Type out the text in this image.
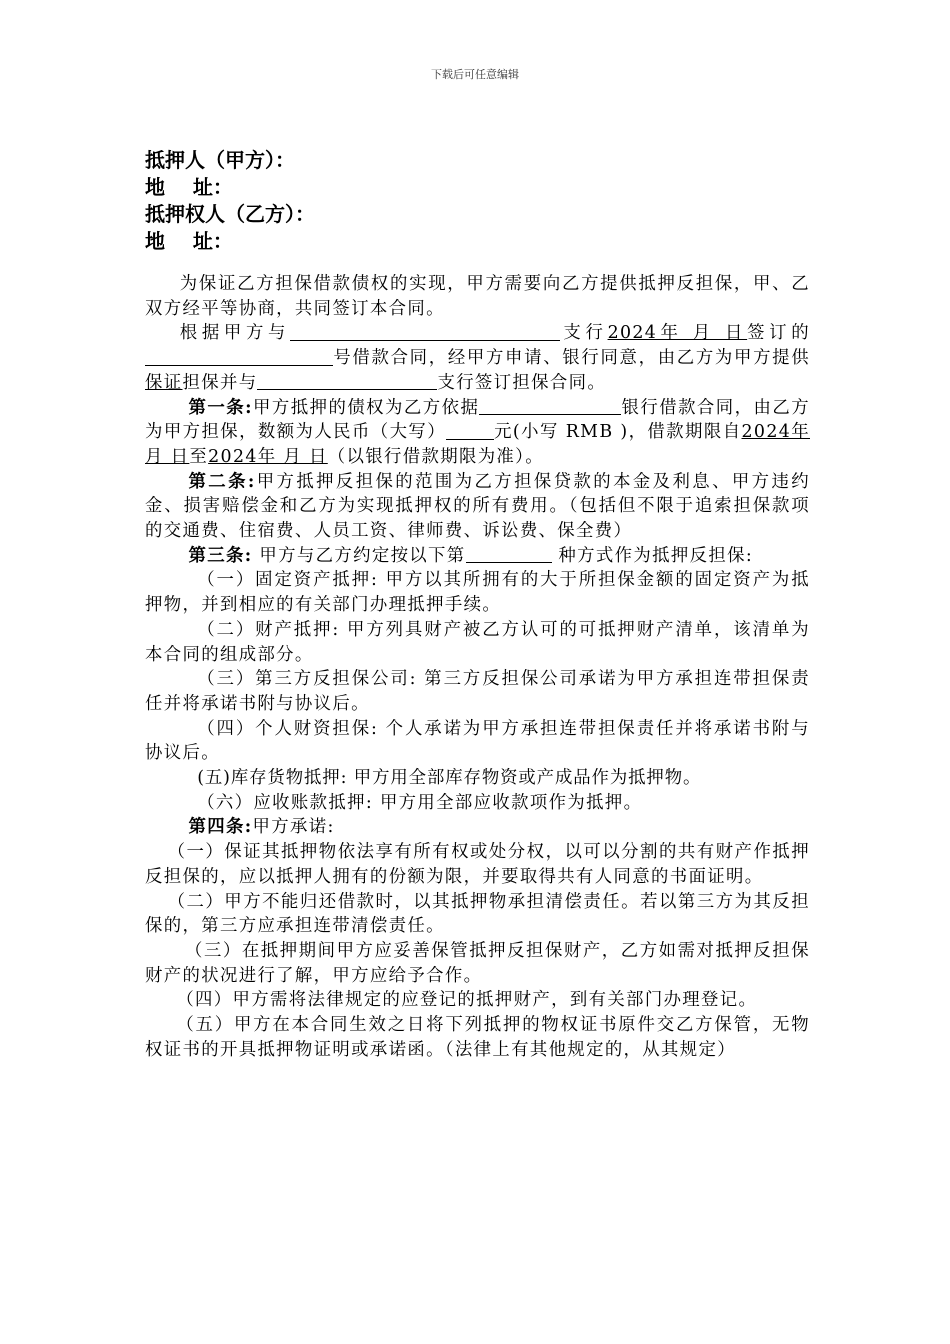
下载后可任意编辑
抵押人（甲方）：
地    址：
抵押权人（乙方）：
地    址：

为保证乙方担保借款债权的实现，甲方需要向乙方提供抵押反担保，甲、乙双方经平等协商，共同签订本合同。

根据甲方与	支行2024年 月 日签订的号借款合同，经甲方申请、银行同意，由乙方为甲方提供保证担保并与	支行签订担保合同。

第一条:甲方抵押的债权为乙方依据	银行借款合同，由乙方为甲方担保，数额为人民币（大写）	元(小写 RMB )，借款期限自2024年 月 日至2024年 月 日（以银行借款期限为准）。

第二条:甲方抵押反担保的范围为乙方担保贷款的本金及利息、甲方违约金、损害赔偿金和乙方为实现抵押权的所有费用。（包括但不限于追索担保款项的交通费、住宿费、人员工资、律师费、诉讼费、保全费）

第三条: 甲方与乙方约定按以下第	种方式作为抵押反担保:

（一）固定资产抵押: 甲方以其所拥有的大于所担保金额的固定资产为抵押物，并到相应的有关部门办理抵押手续。

（二）财产抵押: 甲方列具财产被乙方认可的可抵押财产清单，该清单为本合同的组成部分。

（三）第三方反担保公司: 第三方反担保公司承诺为甲方承担连带担保责任并将承诺书附与协议后。

（四）个人财资担保: 个人承诺为甲方承担连带担保责任并将承诺书附与协议后。

(五)库存货物抵押: 甲方用全部库存物资或产成品作为抵押物。

（六）应收账款抵押: 甲方用全部应收款项作为抵押。

第四条:甲方承诺:

（一）保证其抵押物依法享有所有权或处分权，以可以分割的共有财产作抵押反担保的，应以抵押人拥有的份额为限，并要取得共有人同意的书面证明。

（二）甲方不能归还借款时，以其抵押物承担清偿责任。若以第三方为其反担保的，第三方应承担连带清偿责任。

（三）在抵押期间甲方应妥善保管抵押反担保财产，乙方如需对抵押反担保财产的状况进行了解，甲方应给予合作。

（四）甲方需将法律规定的应登记的抵押财产，到有关部门办理登记。

（五）甲方在本合同生效之日将下列抵押的物权证书原件交乙方保管，无物权证书的开具抵押物证明或承诺函。（法律上有其他规定的，从其规定）
